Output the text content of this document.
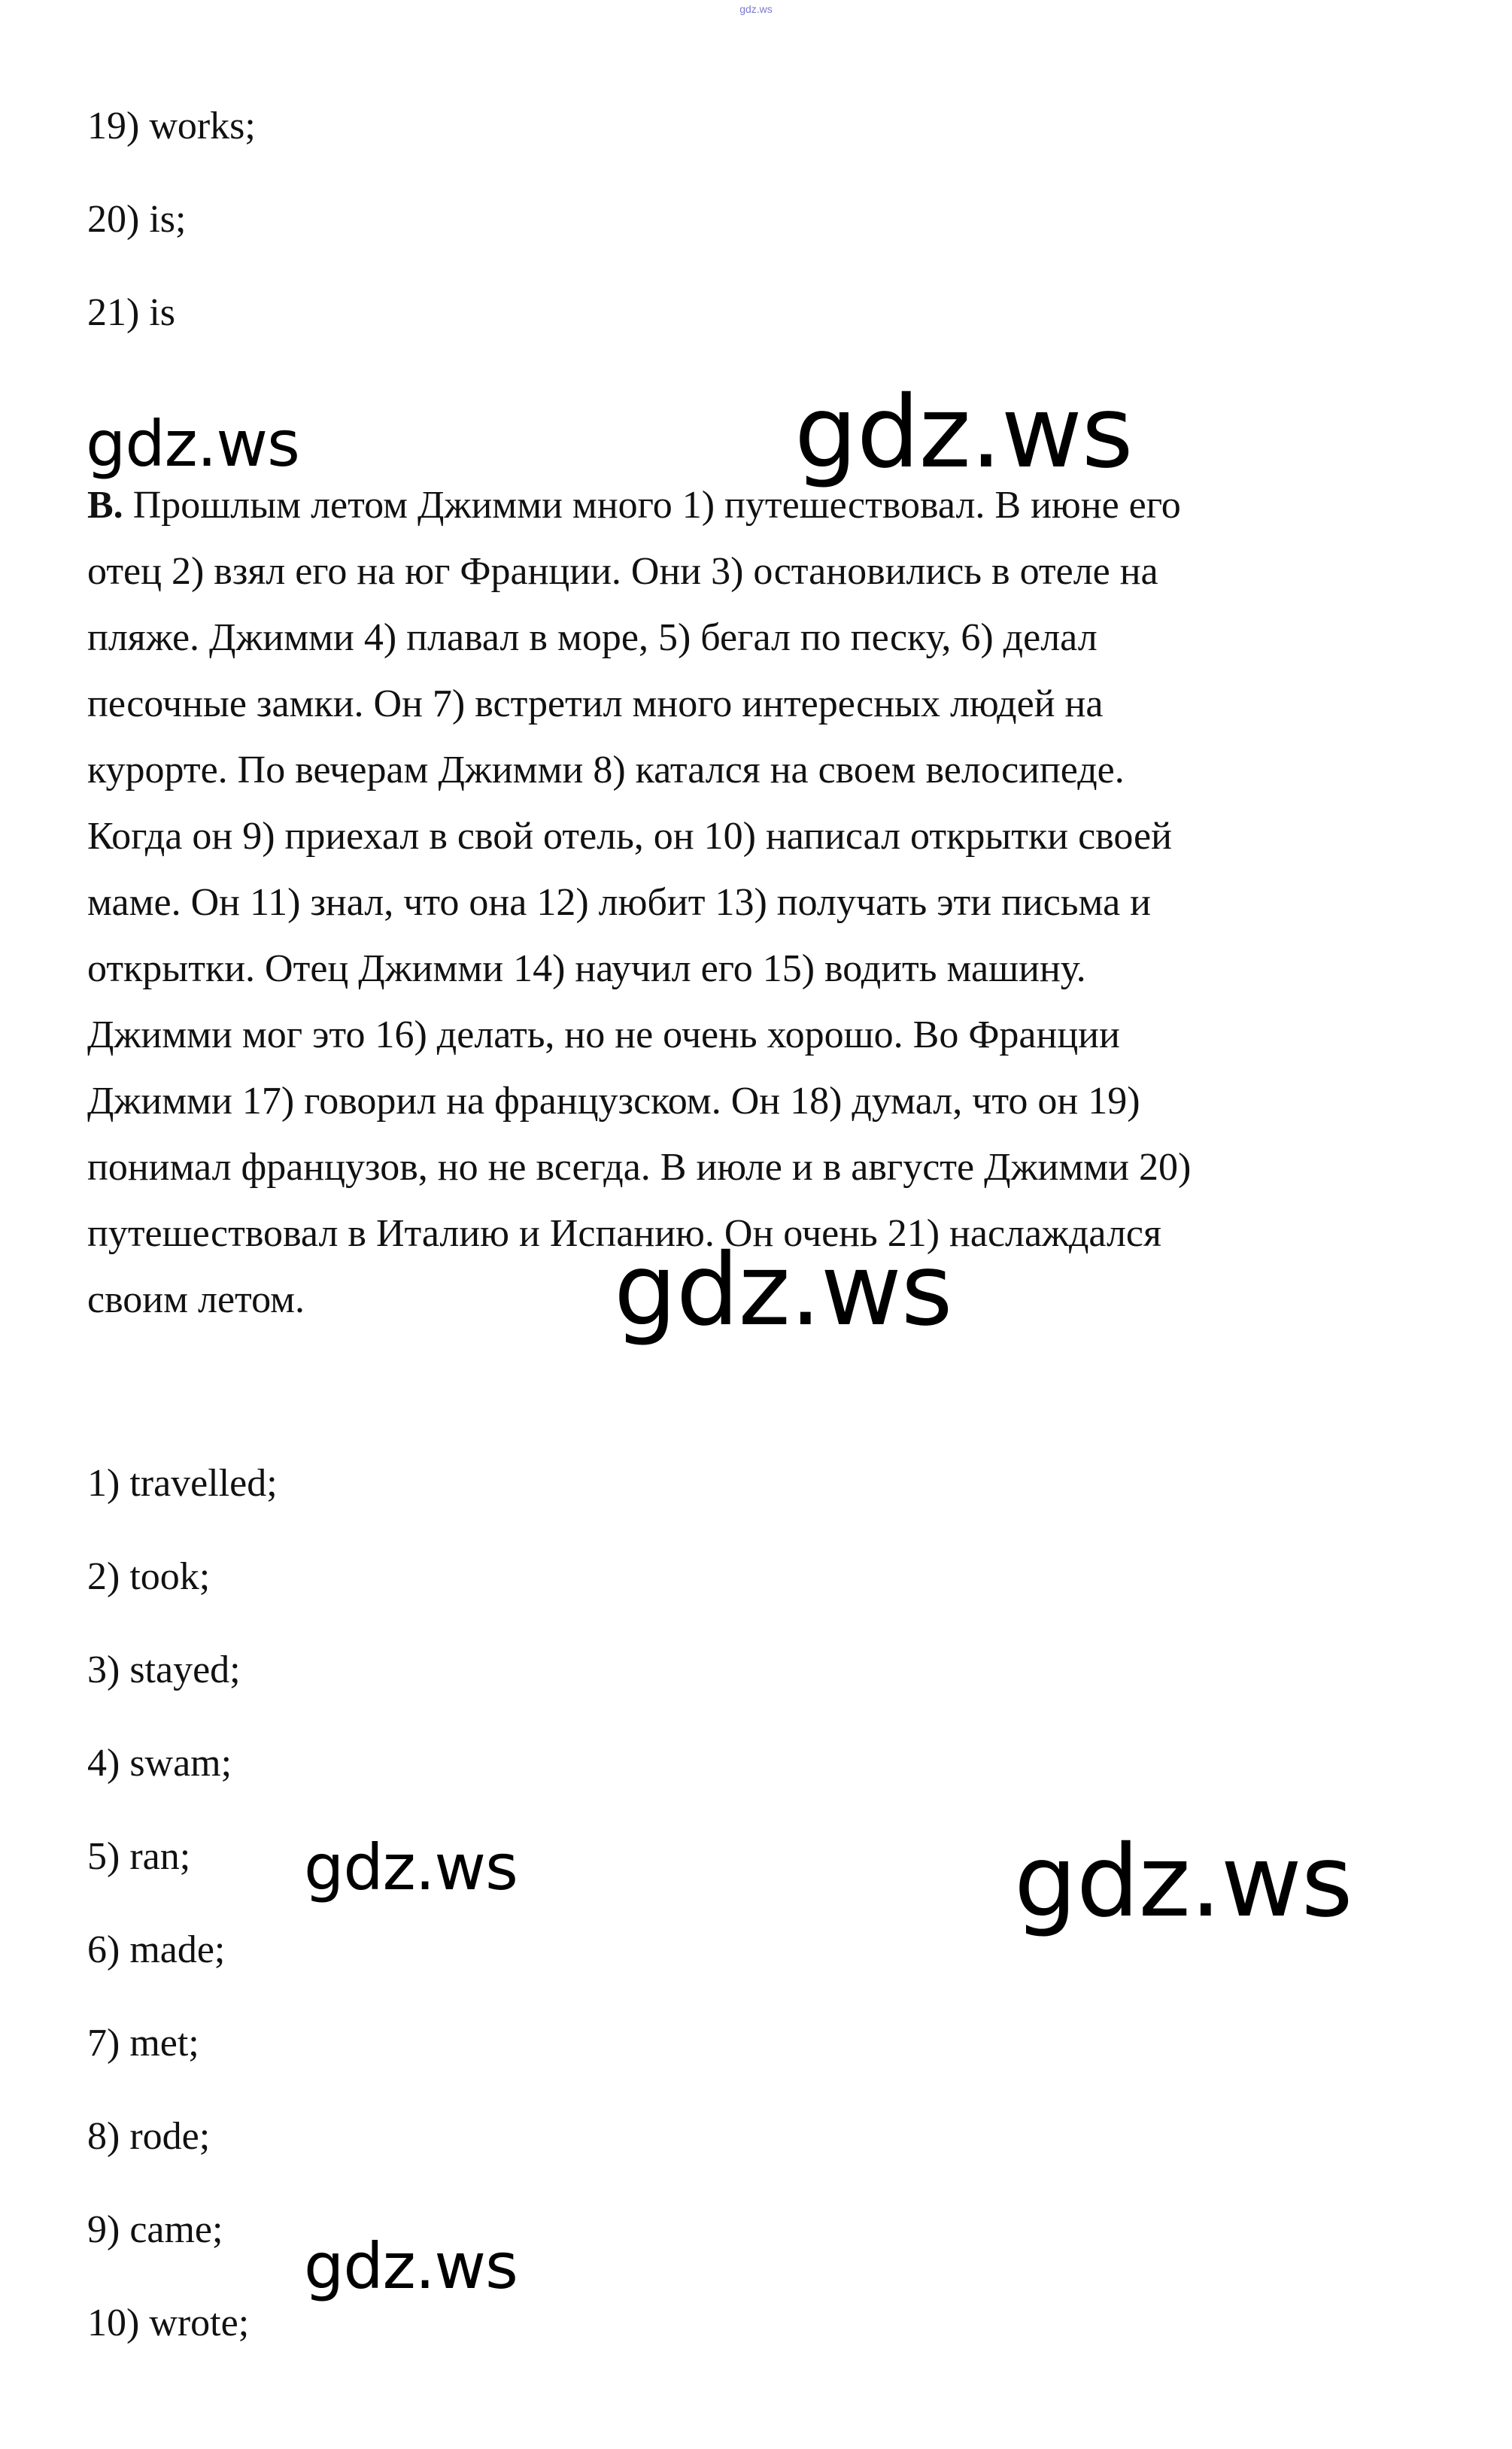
gdz.ws
19) works;
20) is;
21) is
В. Прошлым летом Джимми много 1) путешествовал. В июне его
отец 2) взял его на юг Франции. Они 3) остановились в отеле на
пляже. Джимми 4) плавал в море, 5) бегал по песку, 6) делал
песочные замки. Он 7) встретил много интересных людей на
курорте. По вечерам Джимми 8) катался на своем велосипеде.
Когда он 9) приехал в свой отель, он 10) написал открытки своей
маме. Он 11) знал, что она 12) любит 13) получать эти письма и
открытки. Отец Джимми 14) научил его 15) водить машину.
Джимми мог это 16) делать, но не очень хорошо. Во Франции
Джимми 17) говорил на французском. Он 18) думал, что он 19)
понимал французов, но не всегда. В июле и в августе Джимми 20)
путешествовал в Италию и Испанию. Он очень 21) наслаждался
своим летом.
1) travelled;
2) took;
3) stayed;
4) swam;
5) ran;
6) made;
7) met;
8) rode;
9) came;
10) wrote;
gdz.ws	gdz.ws
gdz.ws
gdz.ws	gdz.ws
gdz.ws
